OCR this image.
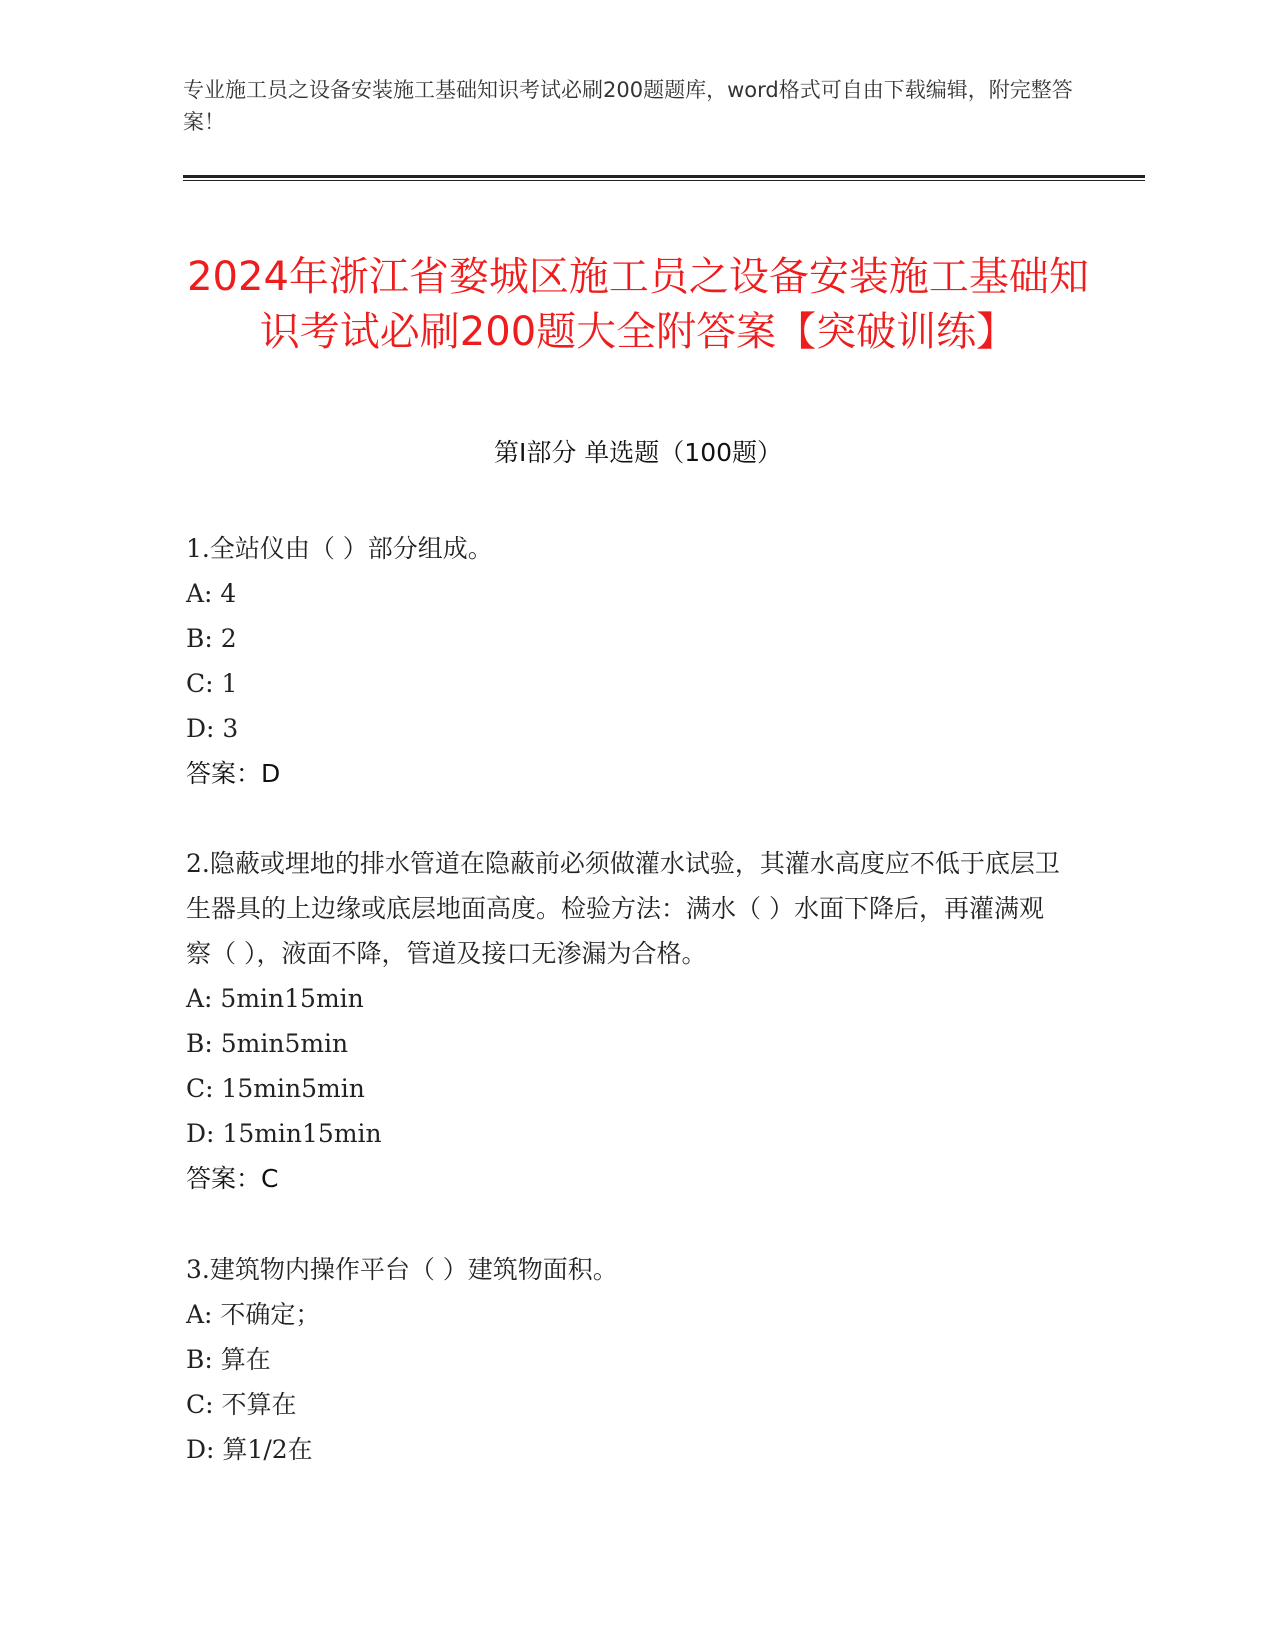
专业施工员之设备安装施工基础知识考试必刷200题题库，word格式可自由下载编辑，附完整答案！
2024年浙江省婺城区施工员之设备安装施工基础知识考试必刷200题大全附答案【突破训练】
第Ⅰ部分 单选题（100题）
1.全站仪由（ ）部分组成。
A: 4
B: 2
C: 1
D: 3
答案：D
2.隐蔽或埋地的排水管道在隐蔽前必须做灌水试验，其灌水高度应不低于底层卫生器具的上边缘或底层地面高度。检验方法：满水（ ）水面下降后，再灌满观察（ ），液面不降，管道及接口无渗漏为合格。
A: 5min15min
B: 5min5min
C: 15min5min
D: 15min15min
答案：C
3.建筑物内操作平台（ ）建筑物面积。
A: 不确定；
B: 算在
C: 不算在
D: 算1/2在
